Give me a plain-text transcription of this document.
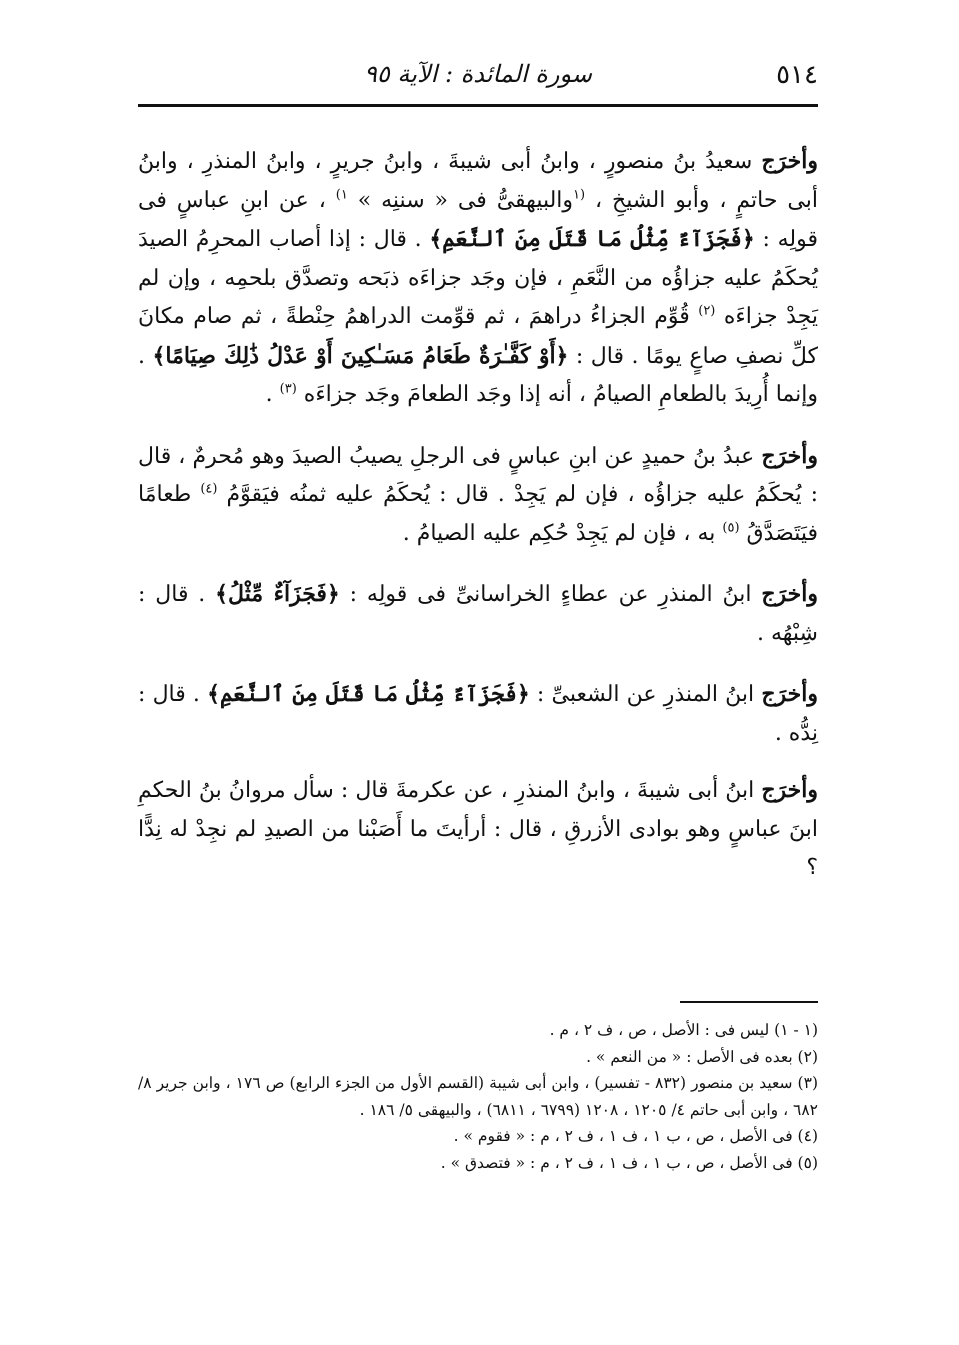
٥١٤
سورة المائدة : الآية ٩٥

وأخرَج سعيدُ بنُ منصورٍ ، وابنُ أبى شيبةَ ، وابنُ جريرٍ ، وابنُ المنذرِ ، وابنُ أبى حاتمٍ ، وأبو الشيخِ ، $^{(١}$والبيهقىُّ فى « سننِه » $^{١)}$ ، عن ابنِ عباسٍ فى قولِه : ﴿فَجَزَآءٌ مِّثْلُ مَا قَتَلَ مِنَ ٱلنَّعَمِ﴾ . قال : إذا أصاب المحرِمُ الصيدَ يُحكَمُ عليه جزاؤُه من النَّعَمِ ، فإن وجَد جزاءَه ذبَحه وتصدَّق بلحمِه ، وإن لم يَجِدْ جزاءَه $^{(٢)}$ قُوِّم الجزاءُ دراهمَ ، ثم قوِّمت الدراهمُ حِنْطةً ، ثم صام مكانَ كلِّ نصفِ صاعٍ يومًا . قال : ﴿أَوْ كَفَّـٰرَةٌ طَعَامُ مَسَـٰكِينَ أَوْ عَدْلُ ذَٰلِكَ صِيَامًا﴾ . وإنما أُرِيدَ بالطعامِ الصيامُ ، أنه إذا وجَد الطعامَ وجَد جزاءَه $^{(٣)}$ .

وأخرَج عبدُ بنُ حميدٍ عن ابنِ عباسٍ فى الرجلِ يصيبُ الصيدَ وهو مُحرمٌ ، قال : يُحكَمُ عليه جزاؤُه ، فإن لم يَجِدْ . قال : يُحكَمُ عليه ثمنُه فيَقوَّمُ $^{(٤)}$ طعامًا فيَتَصَدَّقُ $^{(٥)}$ به ، فإن لم يَجِدْ حُكِم عليه الصيامُ .

وأخرَج ابنُ المنذرِ عن عطاءٍ الخراسانىِّ فى قولِه : ﴿فَجَزَآءٌ مِّثْلُ﴾ . قال : شِبْهُه .

وأخرَج ابنُ المنذرِ عن الشعبىِّ : ﴿فَجَزَآءٌ مِّثْلُ مَا قَتَلَ مِنَ ٱلنَّعَمِ﴾ . قال : نِدُّه .

وأخرَج ابنُ أبى شيبةَ ، وابنُ المنذرِ ، عن عكرمةَ قال : سأل مروانُ بنُ الحكمِ ابنَ عباسٍ وهو بوادى الأزرقِ ، قال : أرأيتَ ما أَصَبْنا من الصيدِ لم نجِدْ له نِدًّا ؟

(١ - ١) ليس فى : الأصل ، ص ، ف ٢ ، م .

(٢) بعده فى الأصل : « من النعم » .

(٣) سعيد بن منصور (٨٣٢ - تفسير) ، وابن أبى شيبة (القسم الأول من الجزء الرابع) ص ١٧٦ ، وابن جرير ٨/ ٦٨٢ ، وابن أبى حاتم ٤/ ١٢٠٥ ، ١٢٠٨ (٦٧٩٩ ، ٦٨١١) ، والبيهقى ٥/ ١٨٦ .

(٤) فى الأصل ، ص ، ب ١ ، ف ١ ، ف ٢ ، م : « فقوم » .

(٥) فى الأصل ، ص ، ب ١ ، ف ١ ، ف ٢ ، م : « فتصدق » .
